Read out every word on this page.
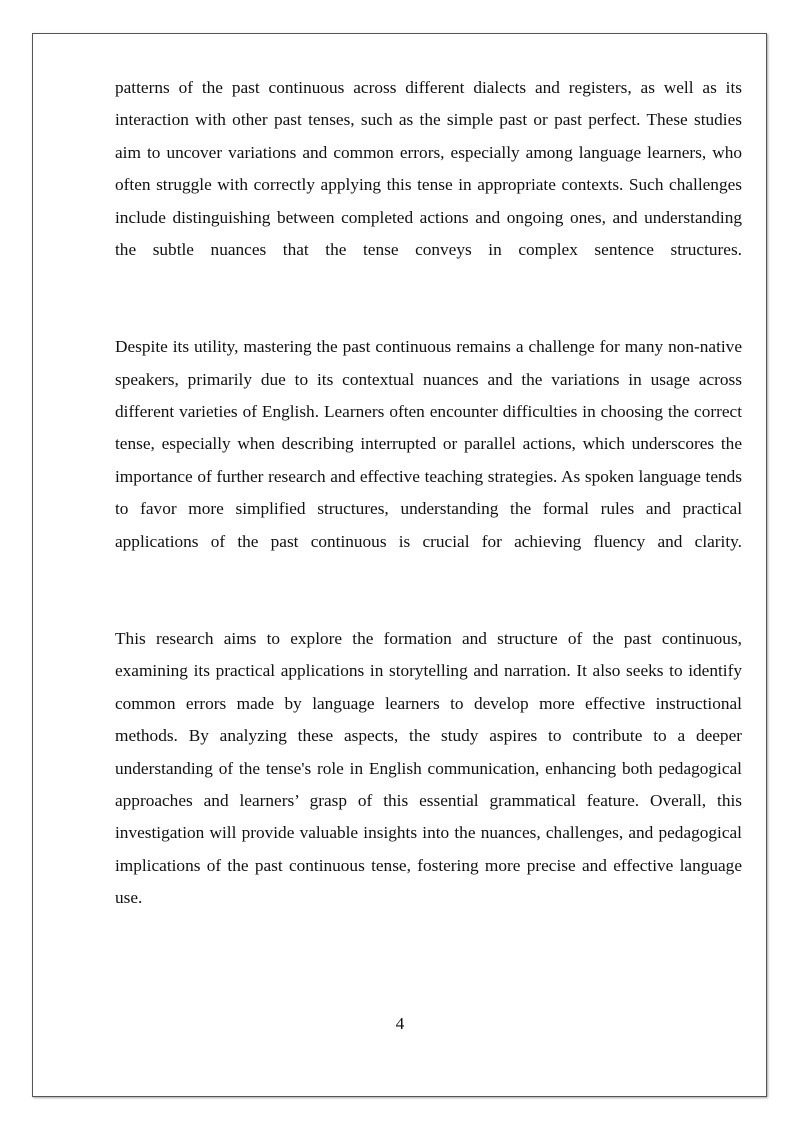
patterns of the past continuous across different dialects and registers, as well as its interaction with other past tenses, such as the simple past or past perfect. These studies aim to uncover variations and common errors, especially among language learners, who often struggle with correctly applying this tense in appropriate contexts. Such challenges include distinguishing between completed actions and ongoing ones, and understanding the subtle nuances that the tense conveys in complex sentence structures.

Despite its utility, mastering the past continuous remains a challenge for many non-native speakers, primarily due to its contextual nuances and the variations in usage across different varieties of English. Learners often encounter difficulties in choosing the correct tense, especially when describing interrupted or parallel actions, which underscores the importance of further research and effective teaching strategies. As spoken language tends to favor more simplified structures, understanding the formal rules and practical applications of the past continuous is crucial for achieving fluency and clarity.

This research aims to explore the formation and structure of the past continuous, examining its practical applications in storytelling and narration. It also seeks to identify common errors made by language learners to develop more effective instructional methods. By analyzing these aspects, the study aspires to contribute to a deeper understanding of the tense's role in English communication, enhancing both pedagogical approaches and learners’ grasp of this essential grammatical feature. Overall, this investigation will provide valuable insights into the nuances, challenges, and pedagogical implications of the past continuous tense, fostering more precise and effective language use.

4
